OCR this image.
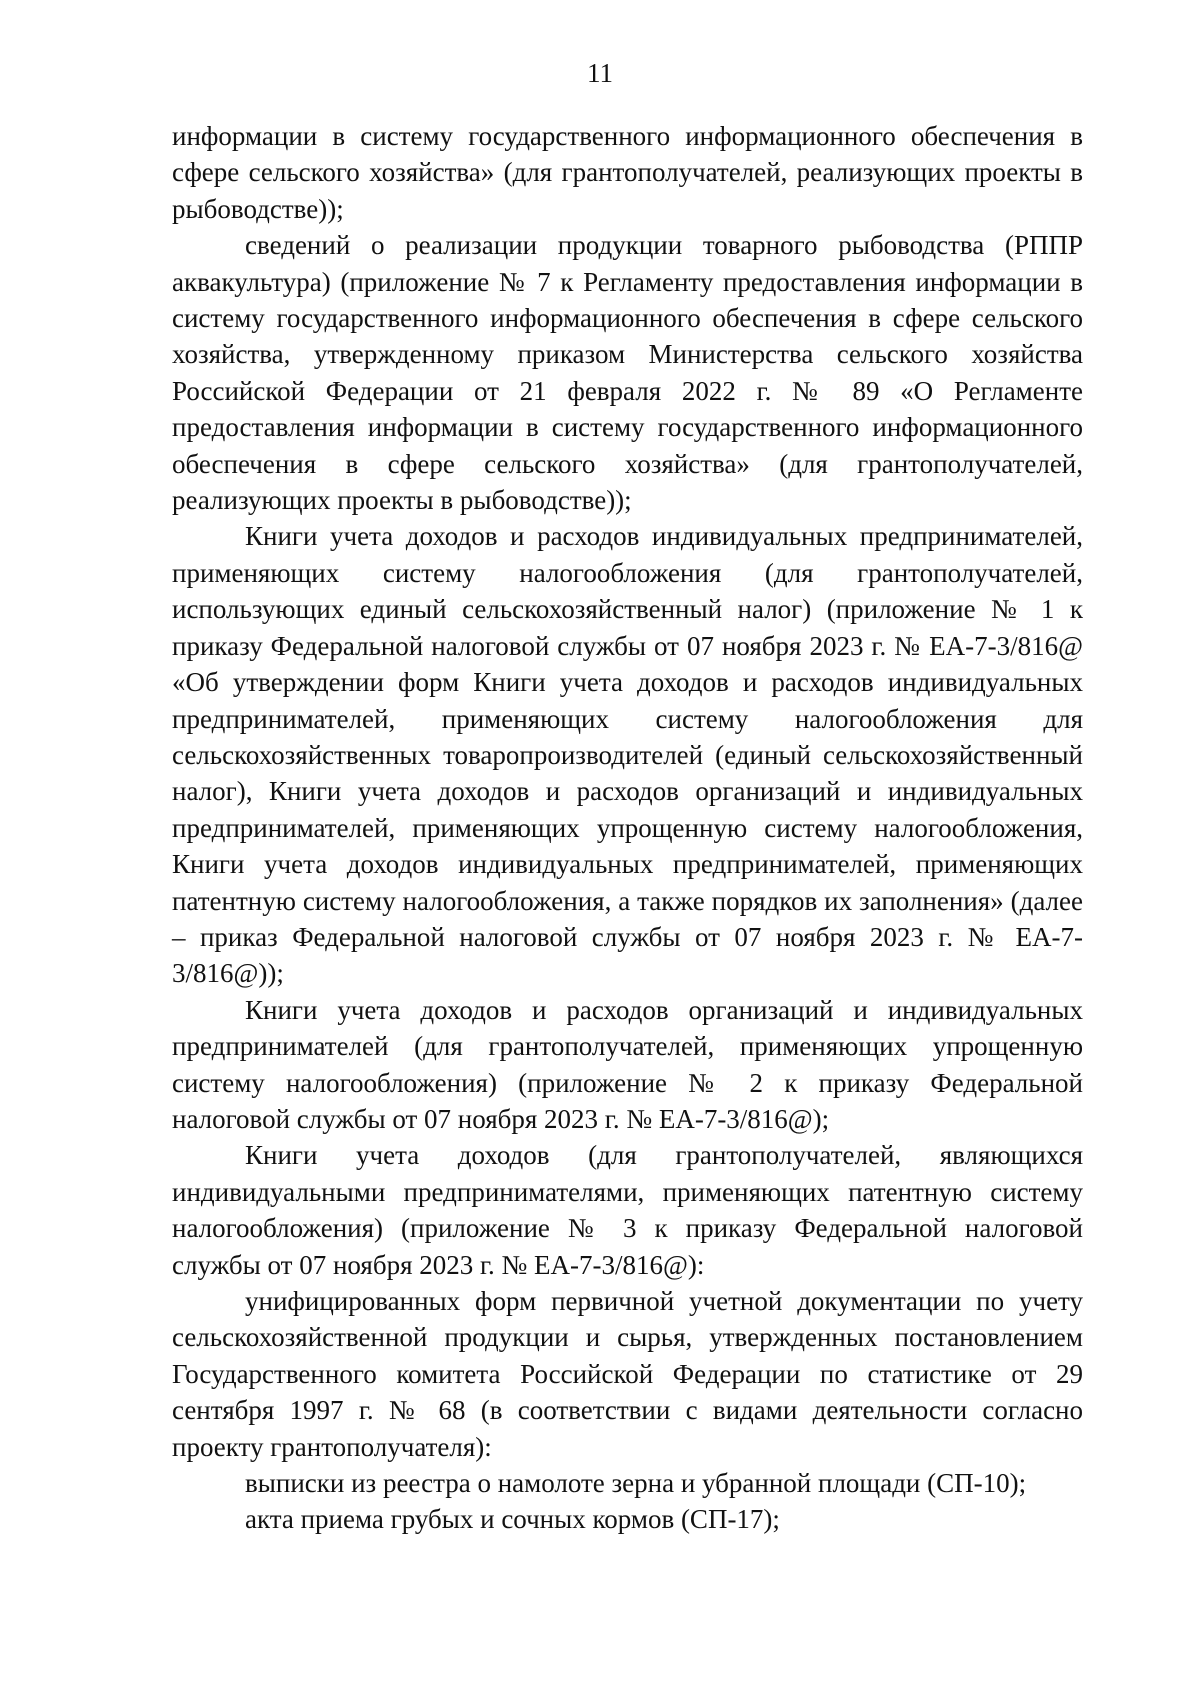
11

информации в систему государственного информационного обеспечения в сфере сельского хозяйства» (для грантополучателей, реализующих проекты в рыбоводстве));

сведений о реализации продукции товарного рыбоводства (РППР аквакультура) (приложение № 7 к Регламенту предоставления информации в систему государственного информационного обеспечения в сфере сельского хозяйства, утвержденному приказом Министерства сельского хозяйства Российской Федерации от 21 февраля 2022 г. № 89 «О Регламенте предоставления информации в систему государственного информационного обеспечения в сфере сельского хозяйства» (для грантополучателей, реализующих проекты в рыбоводстве));

Книги учета доходов и расходов индивидуальных предпринимателей, применяющих систему налогообложения (для грантополучателей, использующих единый сельскохозяйственный налог) (приложение № 1 к приказу Федеральной налоговой службы от 07 ноября 2023 г. № ЕА-7-3/816@ «Об утверждении форм Книги учета доходов и расходов индивидуальных предпринимателей, применяющих систему налогообложения для сельскохозяйственных товаропроизводителей (единый сельскохозяйственный налог), Книги учета доходов и расходов организаций и индивидуальных предпринимателей, применяющих упрощенную систему налогообложения, Книги учета доходов индивидуальных предпринимателей, применяющих патентную систему налогообложения, а также порядков их заполнения» (далее – приказ Федеральной налоговой службы от 07 ноября 2023 г. № ЕА-7-3/816@));

Книги учета доходов и расходов организаций и индивидуальных предпринимателей (для грантополучателей, применяющих упрощенную систему налогообложения) (приложение № 2 к приказу Федеральной налоговой службы от 07 ноября 2023 г. № ЕА-7-3/816@);

Книги учета доходов (для грантополучателей, являющихся индивидуальными предпринимателями, применяющих патентную систему налогообложения) (приложение № 3 к приказу Федеральной налоговой службы от 07 ноября 2023 г. № ЕА-7-3/816@):

унифицированных форм первичной учетной документации по учету сельскохозяйственной продукции и сырья, утвержденных постановлением Государственного комитета Российской Федерации по статистике от 29 сентября 1997 г. № 68 (в соответствии с видами деятельности согласно проекту грантополучателя):

выписки из реестра о намолоте зерна и убранной площади (СП-10);

акта приема грубых и сочных кормов (СП-17);
